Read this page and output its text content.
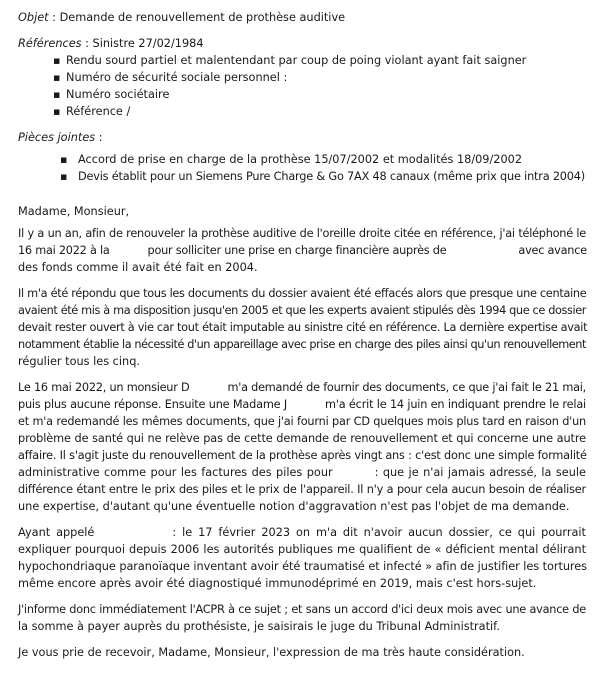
Objet : Demande de renouvellement de prothèse auditive

Références : Sinistre 27/02/1984

▪ Rendu sourd partiel et malentendant par coup de poing violant ayant fait saigner
▪ Numéro de sécurité sociale personnel :
▪ Numéro sociétaire
▪ Référence /

Pièces jointes :

▪ Accord de prise en charge de la prothèse 15/07/2002 et modalités 18/09/2002
▪ Devis établit pour un Siemens Pure Charge & Go 7AX 48 canaux (même prix que intra 2004)

Madame, Monsieur,

Il y a un an, afin de renouveler la prothèse auditive de l'oreille droite citée en référence, j'ai téléphoné le
16 mai 2022 à la	pour solliciter une prise en charge financière auprès de	avec avance
des fonds comme il avait été fait en 2004.
Il m'a été répondu que tous les documents du dossier avaient été effacés alors que presque une centaine
avaient été mis à ma disposition jusqu'en 2005 et que les experts avaient stipulés dès 1994 que ce dossier
devait rester ouvert à vie car tout était imputable au sinistre cité en référence. La dernière expertise avait
notamment établie la nécessité d'un appareillage avec prise en charge des piles ainsi qu'un renouvellement
régulier tous les cinq.
Le 16 mai 2022, un monsieur D	m'a demandé de fournir des documents, ce que j'ai fait le 21 mai,
puis plus aucune réponse. Ensuite une Madame J	m'a écrit le 14 juin en indiquant prendre le relai
et m'a redemandé les mêmes documents, que j'ai fourni par CD quelques mois plus tard en raison d'un
problème de santé qui ne relève pas de cette demande de renouvellement et qui concerne une autre
affaire. Il s'agit juste du renouvellement de la prothèse après vingt ans : c'est donc une simple formalité
administrative comme pour les factures des piles pour	: que je n'ai jamais adressé, la seule
différence étant entre le prix des piles et le prix de l'appareil. Il n'y a pour cela aucun besoin de réaliser
une expertise, d'autant qu'une éventuelle notion d'aggravation n'est pas l'objet de ma demande.
Ayant appelé	: le 17 février 2023 on m'a dit n'avoir aucun dossier, ce qui pourrait
expliquer pourquoi depuis 2006 les autorités publiques me qualifient de « déficient mental délirant
hypochondriaque paranoïaque inventant avoir été traumatisé et infecté » afin de justifier les tortures
même encore après avoir été diagnostiqué immunodéprimé en 2019, mais c'est hors-sujet.
J'informe donc immédiatement l'ACPR à ce sujet ; et sans un accord d'ici deux mois avec une avance de
la somme à payer auprès du prothésiste, je saisirais le juge du Tribunal Administratif.

Je vous prie de recevoir, Madame, Monsieur, l'expression de ma très haute considération.
